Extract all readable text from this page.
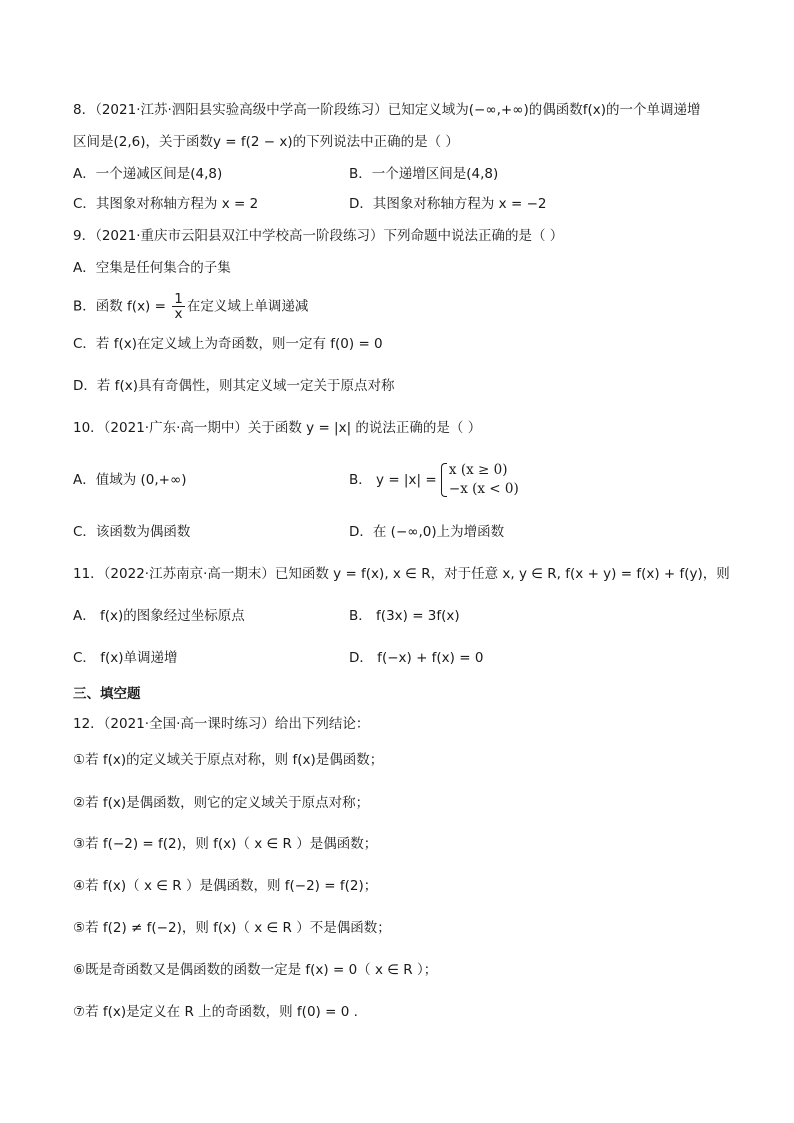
8．（2021·江苏·泗阳县实验高级中学高一阶段练习）已知定义域为(−∞,+∞)的偶函数f(x)的一个单调递增
区间是(2,6)，关于函数y = f(2 − x)的下列说法中正确的是（ ）
A．一个递减区间是(4,8)	B．一个递增区间是(4,8)
C．其图象对称轴方程为 x = 2	D．其图象对称轴方程为 x = −2
9．（2021·重庆市云阳县双江中学校高一阶段练习）下列命题中说法正确的是（ ）
A．空集是任何集合的子集
B．函数 $f(x) = \frac{1}{x}$ 在定义域上单调递减
C．若 f(x)在定义域上为奇函数，则一定有 f(0) = 0
D．若 f(x)具有奇偶性，则其定义域一定关于原点对称
10．（2021·广东·高一期中）关于函数 y = |x| 的说法正确的是（ ）
A．值域为 (0,+∞)	B． y = |x| =
x (x ≥ 0)
−x (x < 0)
C．该函数为偶函数	D．在 (−∞,0)上为增函数
11．（2022·江苏南京·高一期末）已知函数 y = f(x), x ∈ R，对于任意 x, y ∈ R, f(x + y) = f(x) + f(y)，则
A． f(x)的图象经过坐标原点	B． f(3x) = 3f(x)
C． f(x)单调递增	D． f(−x) + f(x) = 0
三、填空题
12．（2021·全国·高一课时练习）给出下列结论：
①若 f(x)的定义域关于原点对称，则 f(x)是偶函数；
②若 f(x)是偶函数，则它的定义域关于原点对称；
③若 f(−2) = f(2)，则 f(x)（ x ∈ R ）是偶函数；
④若 f(x)（ x ∈ R ）是偶函数，则 f(−2) = f(2)；
⑤若 f(2) ≠ f(−2)，则 f(x)（ x ∈ R ）不是偶函数；
⑥既是奇函数又是偶函数的函数一定是 f(x) = 0（ x ∈ R ）；
⑦若 f(x)是定义在 R 上的奇函数，则 f(0) = 0 .
